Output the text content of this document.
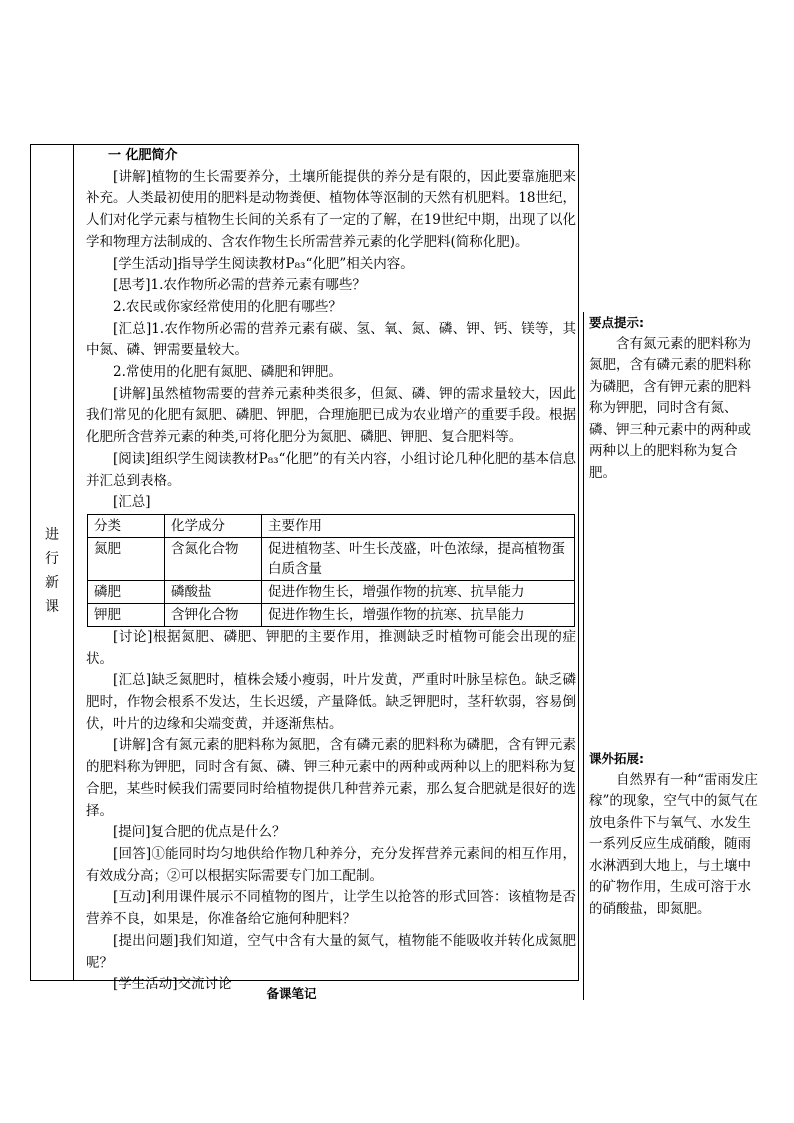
进
行
新
课

一 化肥简介

[讲解]植物的生长需要养分，土壤所能提供的养分是有限的，因此要靠施肥来补充。人类最初使用的肥料是动物粪便、植物体等沤制的天然有机肥料。18世纪，人们对化学元素与植物生长间的关系有了一定的了解，在19世纪中期，出现了以化学和物理方法制成的、含农作物生长所需营养元素的化学肥料(简称化肥)。

[学生活动]指导学生阅读教材P₈₃“化肥”相关内容。

[思考]1.农作物所必需的营养元素有哪些？

2.农民或你家经常使用的化肥有哪些？

[汇总]1.农作物所必需的营养元素有碳、氢、氧、氮、磷、钾、钙、镁等，其中氮、磷、钾需要量较大。

2.常使用的化肥有氮肥、磷肥和钾肥。

[讲解]虽然植物需要的营养元素种类很多，但氮、磷、钾的需求量较大，因此我们常见的化肥有氮肥、磷肥、钾肥，合理施肥已成为农业增产的重要手段。根据化肥所含营养元素的种类,可将化肥分为氮肥、磷肥、钾肥、复合肥料等。

[阅读]组织学生阅读教材P₈₃“化肥”的有关内容，小组讨论几种化肥的基本信息并汇总到表格。

[汇总]

分类	化学成分	主要作用
氮肥	含氮化合物	促进植物茎、叶生长茂盛，叶色浓绿，提高植物蛋白质含量
磷肥	磷酸盐	促进作物生长，增强作物的抗寒、抗旱能力
钾肥	含钾化合物	促进作物生长，增强作物的抗寒、抗旱能力

[讨论]根据氮肥、磷肥、钾肥的主要作用，推测缺乏时植物可能会出现的症状。

[汇总]缺乏氮肥时，植株会矮小瘦弱，叶片发黄，严重时叶脉呈棕色。缺乏磷肥时，作物会根系不发达，生长迟缓，产量降低。缺乏钾肥时，茎秆软弱，容易倒伏，叶片的边缘和尖端变黄，并逐渐焦枯。

[讲解]含有氮元素的肥料称为氮肥，含有磷元素的肥料称为磷肥，含有钾元素的肥料称为钾肥，同时含有氮、磷、钾三种元素中的两种或两种以上的肥料称为复合肥，某些时候我们需要同时给植物提供几种营养元素，那么复合肥就是很好的选择。

[提问]复合肥的优点是什么？

[回答]①能同时均匀地供给作物几种养分，充分发挥营养元素间的相互作用，有效成分高；②可以根据实际需要专门加工配制。

[互动]利用课件展示不同植物的图片，让学生以抢答的形式回答：该植物是否营养不良，如果是，你准备给它施何种肥料？

[提出问题]我们知道，空气中含有大量的氮气，植物能不能吸收并转化成氮肥呢？

[学生活动]交流讨论

要点提示:

含有氮元素的肥料称为氮肥，含有磷元素的肥料称为磷肥，含有钾元素的肥料称为钾肥，同时含有氮、磷、钾三种元素中的两种或两种以上的肥料称为复合肥。

课外拓展:

自然界有一种“雷雨发庄稼”的现象，空气中的氮气在放电条件下与氧气、水发生一系列反应生成硝酸，随雨水淋洒到大地上，与土壤中的矿物作用，生成可溶于水的硝酸盐，即氮肥。

备课笔记
